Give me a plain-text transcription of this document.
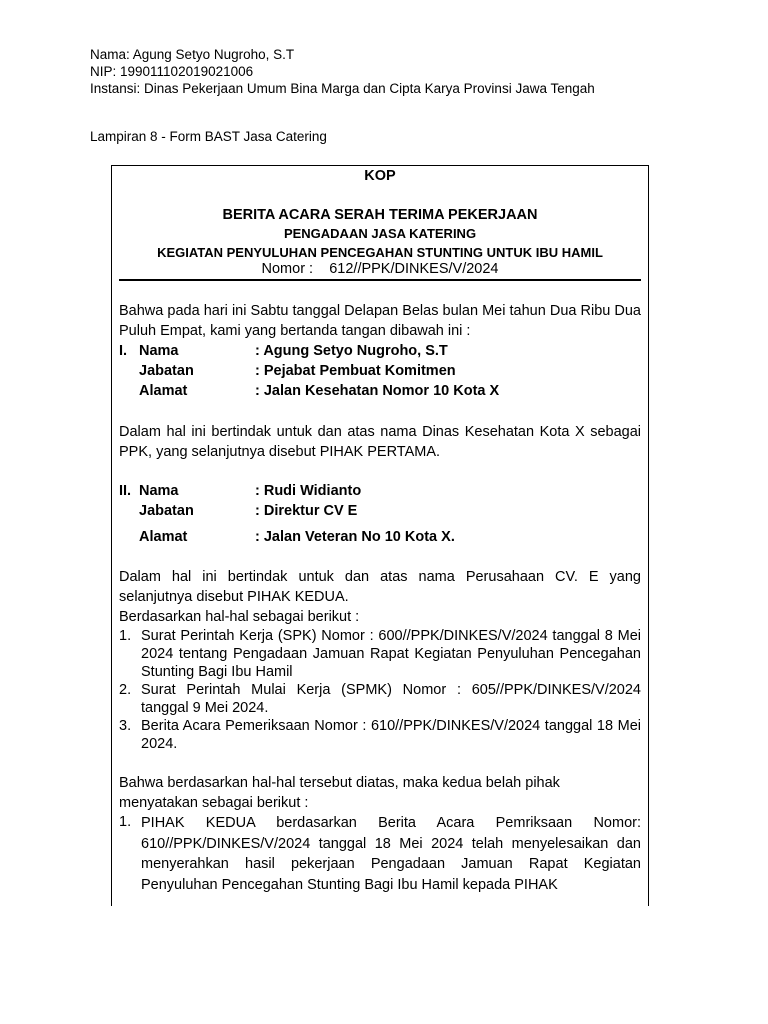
Nama: Agung Setyo Nugroho, S.T
NIP: 199011102019021006
Instansi: Dinas Pekerjaan Umum Bina Marga dan Cipta Karya Provinsi Jawa Tengah
Lampiran 8 - Form BAST Jasa Catering
KOP
BERITA ACARA SERAH TERIMA PEKERJAAN
PENGADAAN JASA KATERING
KEGIATAN PENYULUHAN PENCEGAHAN STUNTING UNTUK IBU HAMIL
Nomor : 612//PPK/DINKES/V/2024
Bahwa pada hari ini Sabtu tanggal Delapan Belas bulan Mei tahun Dua Ribu Dua Puluh Empat, kami yang bertanda tangan dibawah ini :
I. Nama	: Agung Setyo Nugroho, S.T
Jabatan	: Pejabat Pembuat Komitmen
Alamat	: Jalan Kesehatan Nomor 10 Kota X
Dalam hal ini bertindak untuk dan atas nama Dinas Kesehatan Kota X sebagai PPK, yang selanjutnya disebut PIHAK PERTAMA.
II. Nama	: Rudi Widianto
Jabatan	: Direktur CV E
Alamat	: Jalan Veteran No 10 Kota X.
Dalam hal ini bertindak untuk dan atas nama Perusahaan CV. E yang selanjutnya disebut PIHAK KEDUA.
Berdasarkan hal-hal sebagai berikut :
1. Surat Perintah Kerja (SPK) Nomor : 600//PPK/DINKES/V/2024 tanggal 8 Mei 2024 tentang Pengadaan Jamuan Rapat Kegiatan Penyuluhan Pencegahan Stunting Bagi Ibu Hamil
2. Surat Perintah Mulai Kerja (SPMK) Nomor : 605//PPK/DINKES/V/2024 tanggal 9 Mei 2024.
3. Berita Acara Pemeriksaan Nomor : 610//PPK/DINKES/V/2024 tanggal 18 Mei 2024.
Bahwa berdasarkan hal-hal tersebut diatas, maka kedua belah pihak menyatakan sebagai berikut :
1. PIHAK KEDUA berdasarkan Berita Acara Pemriksaan Nomor: 610//PPK/DINKES/V/2024 tanggal 18 Mei 2024 telah menyelesaikan dan menyerahkan hasil pekerjaan Pengadaan Jamuan Rapat Kegiatan Penyuluhan Pencegahan Stunting Bagi Ibu Hamil kepada PIHAK
